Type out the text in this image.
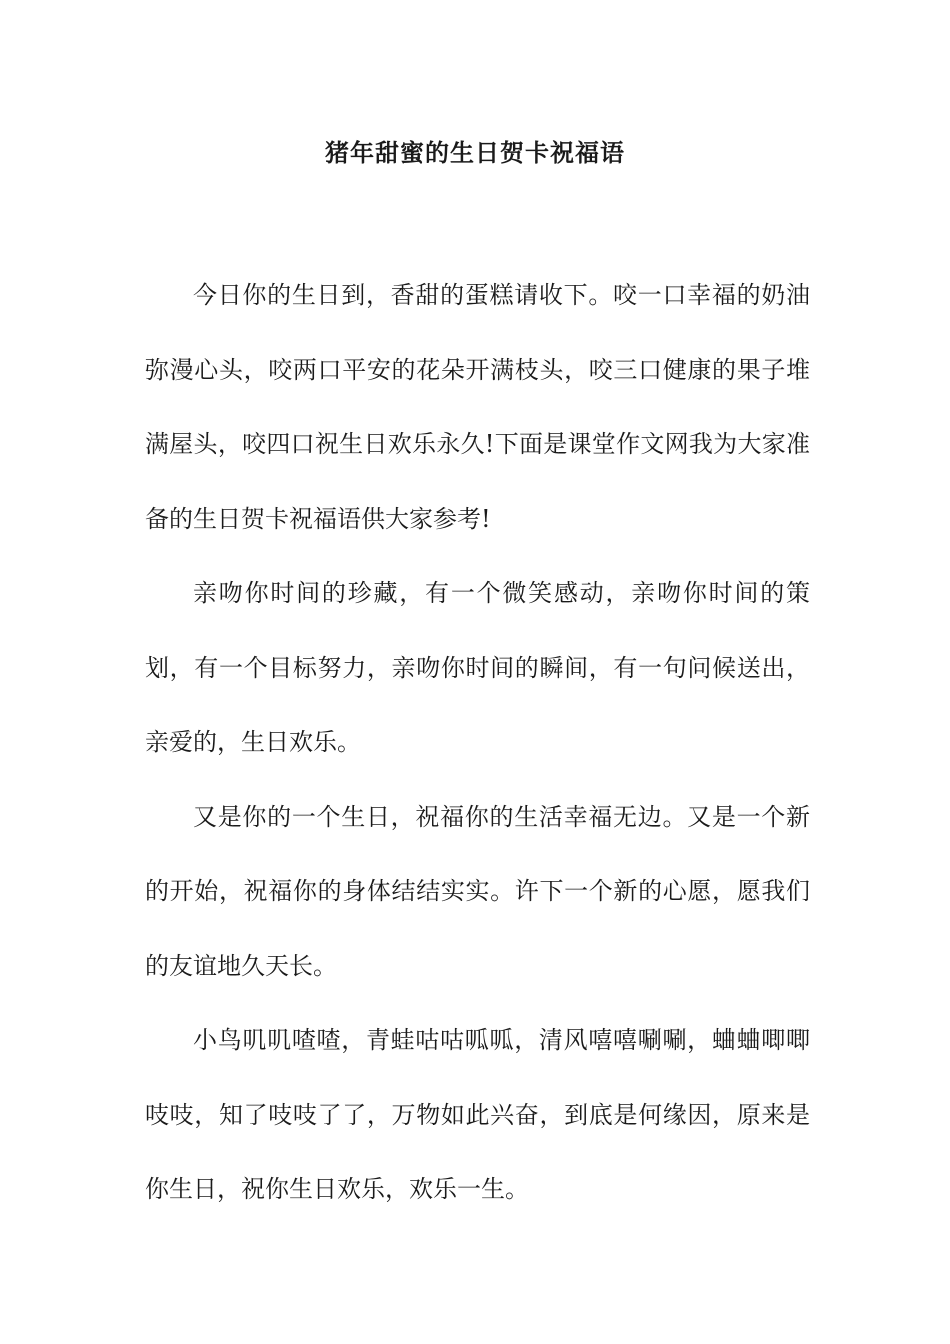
猪年甜蜜的生日贺卡祝福语

今日你的生日到，香甜的蛋糕请收下。咬一口幸福的奶油弥漫心头，咬两口平安的花朵开满枝头，咬三口健康的果子堆满屋头，咬四口祝生日欢乐永久!下面是课堂作文网我为大家准备的生日贺卡祝福语供大家参考!

亲吻你时间的珍藏，有一个微笑感动，亲吻你时间的策划，有一个目标努力，亲吻你时间的瞬间，有一句问候送出，亲爱的，生日欢乐。

又是你的一个生日，祝福你的生活幸福无边。又是一个新的开始，祝福你的身体结结实实。许下一个新的心愿，愿我们的友谊地久天长。

小鸟叽叽喳喳，青蛙咕咕呱呱，清风嘻嘻唰唰，蛐蛐唧唧吱吱，知了吱吱了了，万物如此兴奋，到底是何缘因，原来是你生日，祝你生日欢乐，欢乐一生。
